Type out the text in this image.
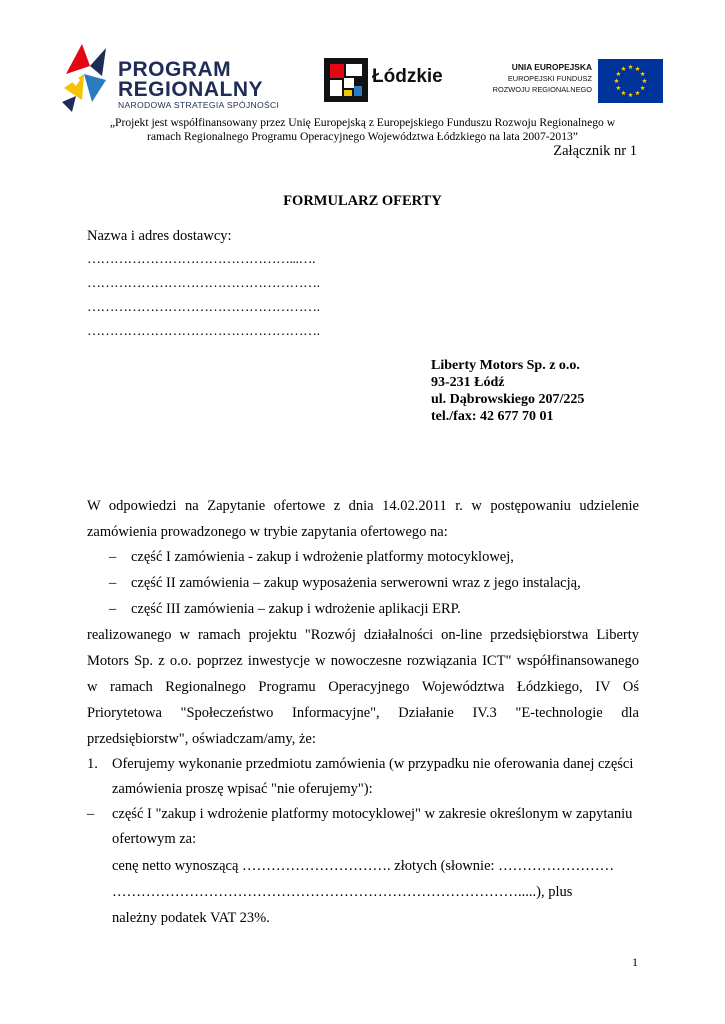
PROGRAM
REGIONALNY
NARODOWA STRATEGIA SPÓJNOŚCI
Łódzkie	UNIA EUROPEJSKA
EUROPEJSKI FUNDUSZ
ROZWOJU REGIONALNEGO
„Projekt jest współfinansowany przez Unię Europejską z Europejskiego Funduszu Rozwoju Regionalnego w
ramach Regionalnego Programu Operacyjnego Województwa Łódzkiego na lata 2007-2013”
Załącznik nr 1
FORMULARZ OFERTY
Nazwa i adres dostawcy:
………………………………………...….
…………………………………………….
…………………………………………….
…………………………………………….
Liberty Motors Sp. z o.o.
93-231 Łódź
ul. Dąbrowskiego 207/225
tel./fax: 42 677 70 01
W odpowiedzi na Zapytanie ofertowe z dnia 14.02.2011 r. w postępowaniu udzielenie
zamówienia prowadzonego w trybie zapytania ofertowego na:
– część I zamówienia - zakup i wdrożenie platformy motocyklowej,
– część II zamówienia – zakup wyposażenia serwerowni wraz z jego instalacją,
– część III zamówienia – zakup i wdrożenie aplikacji ERP.
realizowanego w ramach projektu "Rozwój działalności on-line przedsiębiorstwa Liberty
Motors Sp. z o.o. poprzez inwestycje w nowoczesne rozwiązania ICT" współfinansowanego
w ramach Regionalnego Programu Operacyjnego Województwa Łódzkiego, IV Oś
Priorytetowa "Społeczeństwo Informacyjne", Działanie IV.3 "E-technologie dla
przedsiębiorstw", oświadczam/amy, że:
1. Oferujemy wykonanie przedmiotu zamówienia (w przypadku nie oferowania danej części
zamówienia proszę wpisać "nie oferujemy"):
– część I "zakup i wdrożenie platformy motocyklowej" w zakresie określonym w zapytaniu
ofertowym za:
cenę netto wynoszącą …………………………. złotych (słownie: ……………………
………………………………………………………………………….....), plus
należny podatek VAT 23%.
1
